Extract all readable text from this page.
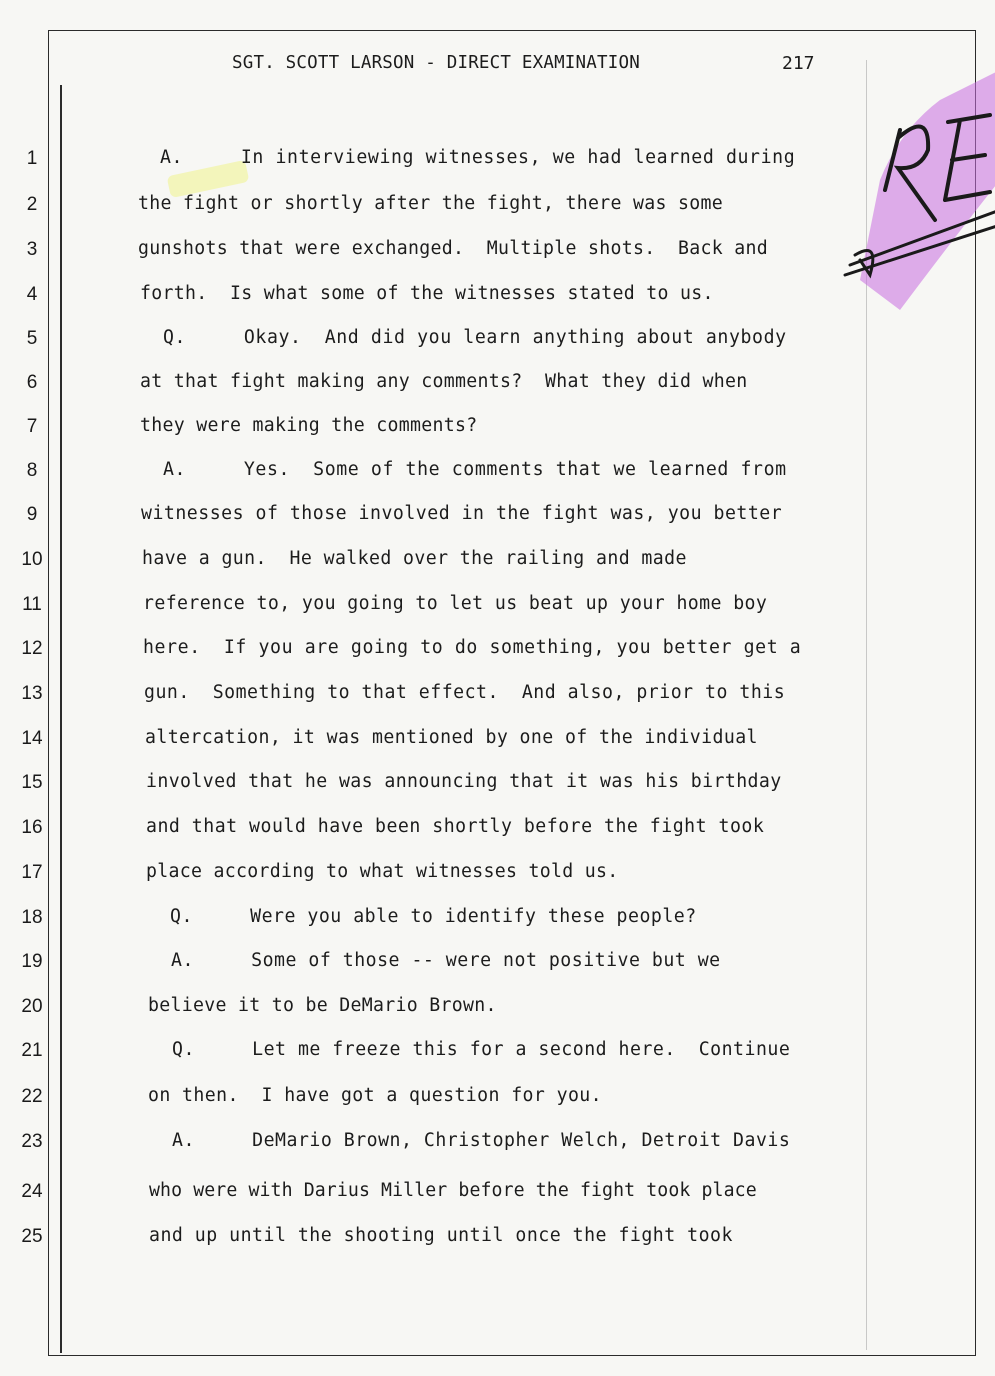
SGT. SCOTT LARSON - DIRECT EXAMINATION	217
1	A.     In interviewing witnesses, we had learned during
2	the fight or shortly after the fight, there was some
3	gunshots that were exchanged.  Multiple shots.  Back and
4	forth.  Is what some of the witnesses stated to us.
5	Q.     Okay.  And did you learn anything about anybody
6	at that fight making any comments?  What they did when
7	they were making the comments?
8	A.     Yes.  Some of the comments that we learned from
9	witnesses of those involved in the fight was, you better
10	have a gun.  He walked over the railing and made
11	reference to, you going to let us beat up your home boy
12	here.  If you are going to do something, you better get a
13	gun.  Something to that effect.  And also, prior to this
14	altercation, it was mentioned by one of the individual
15	involved that he was announcing that it was his birthday
16	and that would have been shortly before the fight took
17	place according to what witnesses told us.
18	Q.     Were you able to identify these people?
19	A.     Some of those -- were not positive but we
20	believe it to be DeMario Brown.
21	Q.     Let me freeze this for a second here.  Continue
22	on then.  I have got a question for you.
23	A.     DeMario Brown, Christopher Welch, Detroit Davis
24	who were with Darius Miller before the fight took place
25	and up until the shooting until once the fight took
